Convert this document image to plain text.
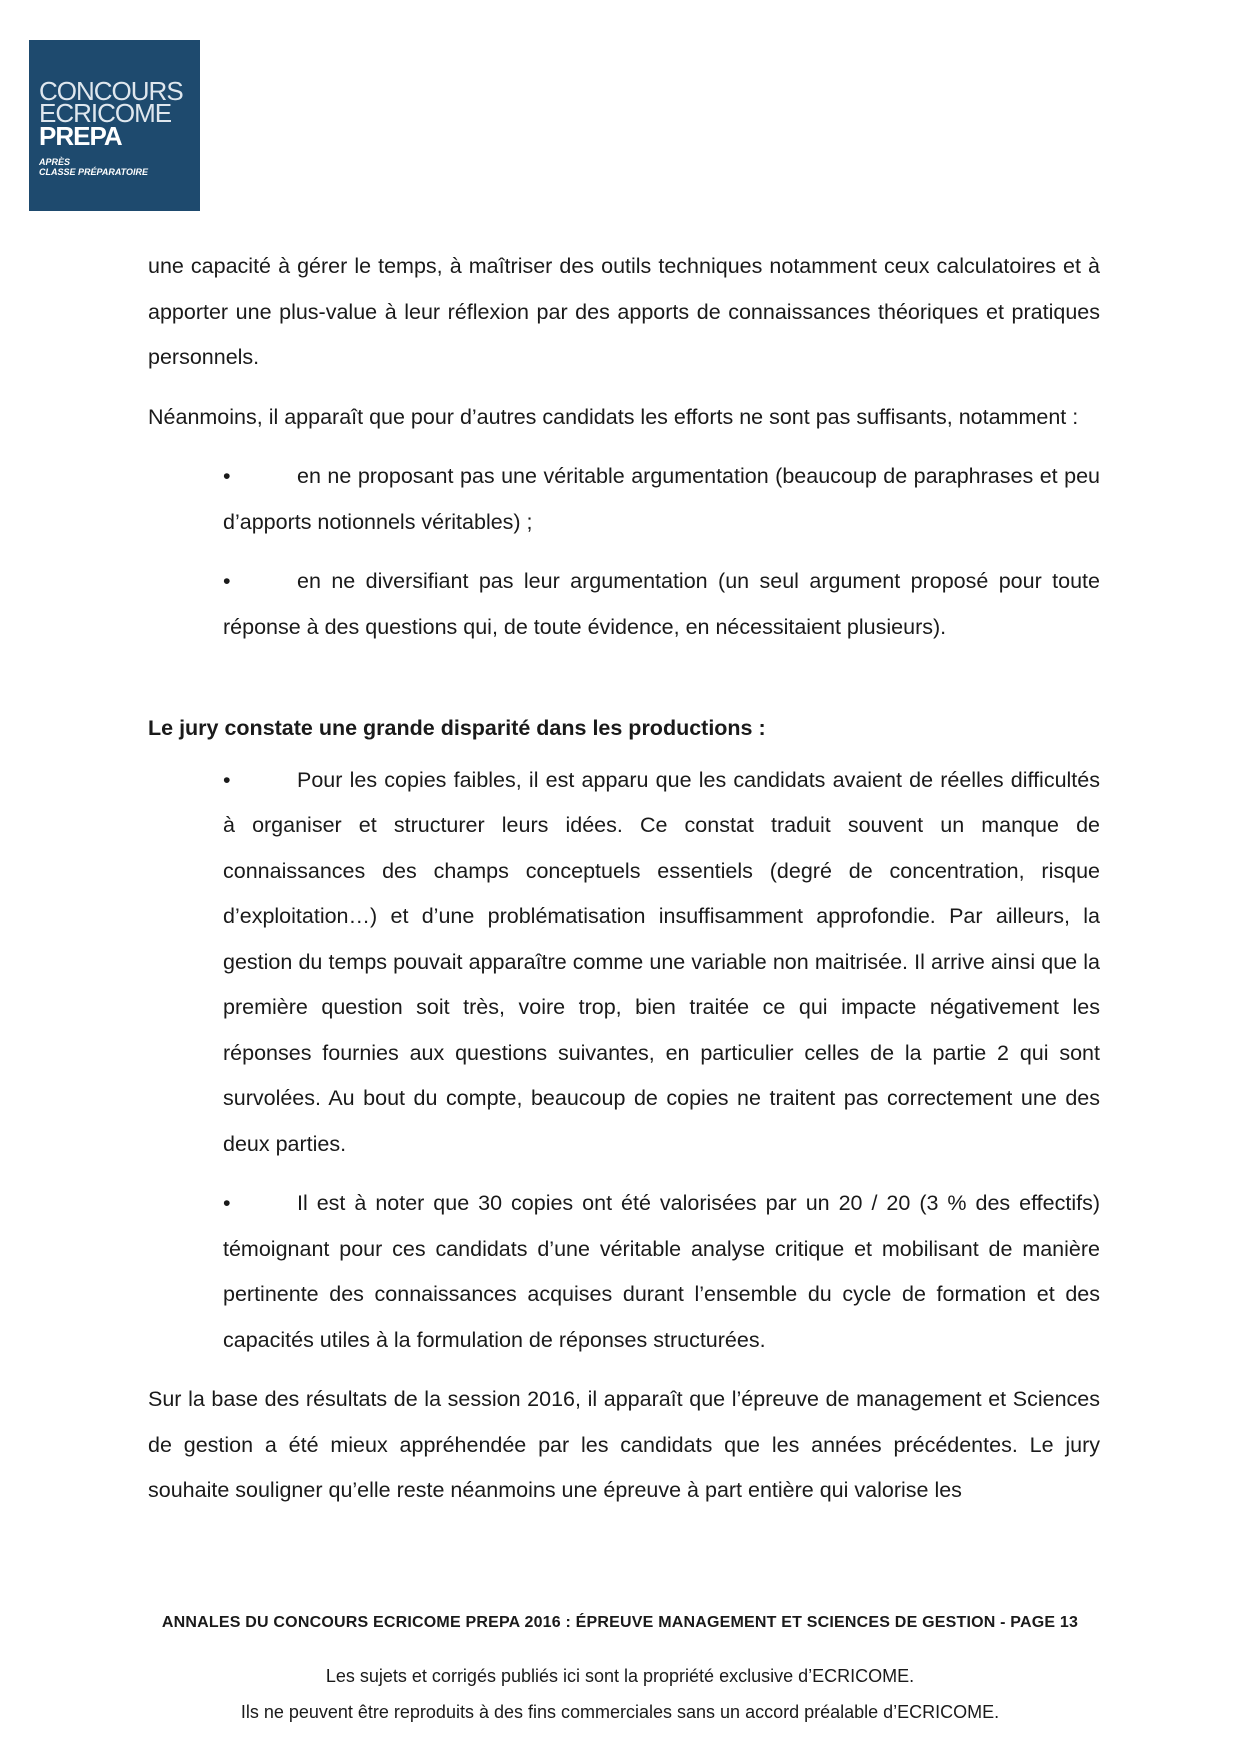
CONCOURS
ECRICOME
PREPA
APRÈS
CLASSE PRÉPARATOIRE

une capacité à gérer le temps, à maîtriser des outils techniques notamment ceux calculatoires et à apporter une plus-value à leur réflexion par des apports de connaissances théoriques et pratiques personnels.

Néanmoins, il apparaît que pour d’autres candidats les efforts ne sont pas suffisants, notamment :

•	en ne proposant pas une véritable argumentation (beaucoup de paraphrases et peu d’apports notionnels véritables) ;
•	en ne diversifiant pas leur argumentation (un seul argument proposé pour toute réponse à des questions qui, de toute évidence, en nécessitaient plusieurs).

Le jury constate une grande disparité dans les productions :

•	Pour les copies faibles, il est apparu que les candidats avaient de réelles difficultés à organiser et structurer leurs idées. Ce constat traduit souvent un manque de connaissances des champs conceptuels essentiels (degré de concentration, risque d’exploitation…) et d’une problématisation insuffisamment approfondie. Par ailleurs, la gestion du temps pouvait apparaître comme une variable non maitrisée. Il arrive ainsi que la première question soit très, voire trop, bien traitée ce qui impacte négativement les réponses fournies aux questions suivantes, en particulier celles de la partie 2 qui sont survolées. Au bout du compte, beaucoup de copies ne traitent pas correctement une des deux parties.
•	Il est à noter que 30 copies ont été valorisées par un 20 / 20 (3 % des effectifs) témoignant pour ces candidats d’une véritable analyse critique et mobilisant de manière pertinente des connaissances acquises durant l’ensemble du cycle de formation et des capacités utiles à la formulation de réponses structurées.

Sur la base des résultats de la session 2016, il apparaît que l’épreuve de management et Sciences de gestion a été mieux appréhendée par les candidats que les années précédentes. Le jury souhaite souligner qu’elle reste néanmoins une épreuve à part entière qui valorise les

ANNALES DU CONCOURS ECRICOME PREPA 2016 : ÉPREUVE MANAGEMENT ET SCIENCES DE GESTION - PAGE 13
Les sujets et corrigés publiés ici sont la propriété exclusive d’ECRICOME.
Ils ne peuvent être reproduits à des fins commerciales sans un accord préalable d’ECRICOME.
